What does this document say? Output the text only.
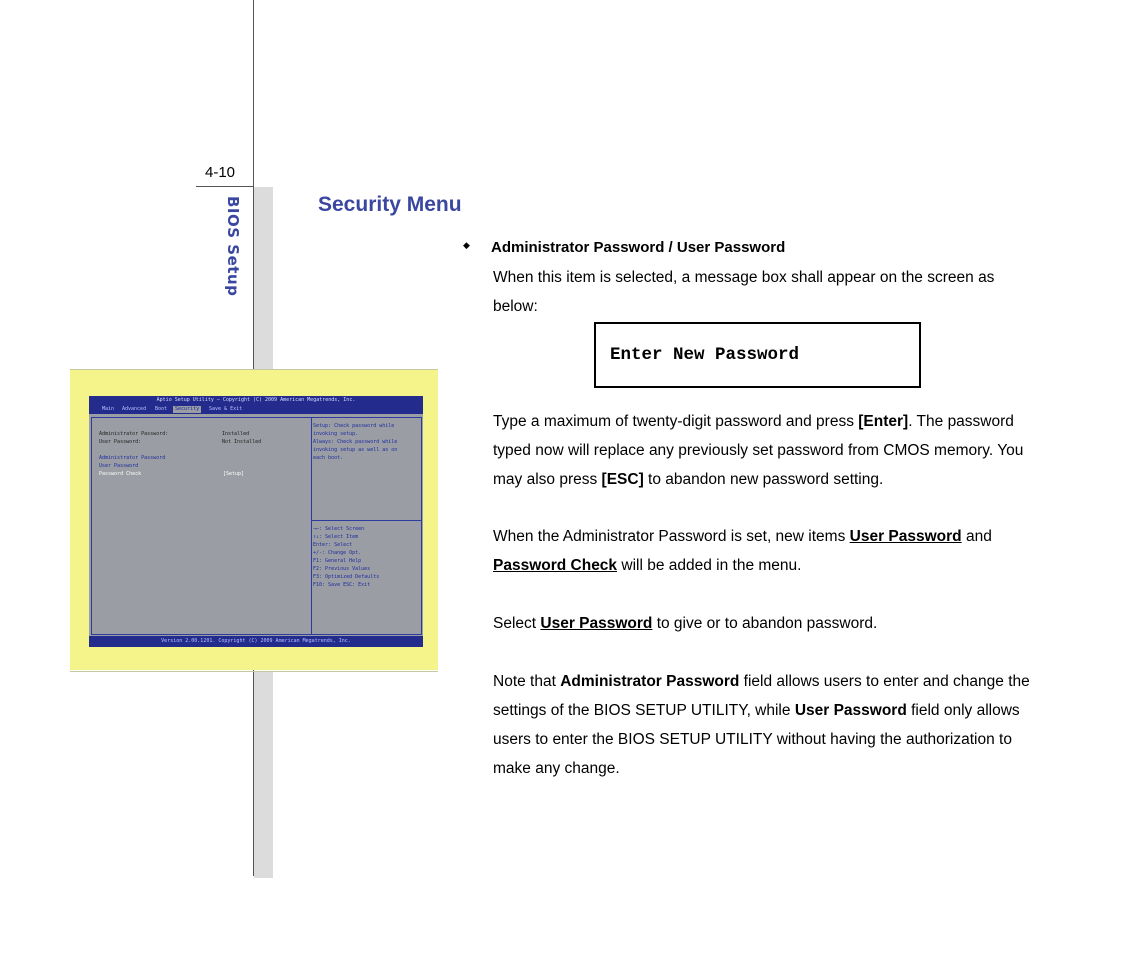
4-10
BIOS Setup	Security Menu
Aptio Setup Utility – Copyright (C) 2009 American Megatrends, Inc.
Main Advanced Boot	Security	Save & Exit
Administrator Password:	Installed
User Password:	Not Installed
Administrator Password
User Password
Password Check	[Setup]
Setup: Check password while
invoking setup.
Always: Check password while
invoking setup as well as on
each boot.
→←: Select Screen
↑↓: Select Item
Enter: Select
+/-: Change Opt.
F1: General Help
F2: Previous Values
F3: Optimized Defaults
F10: Save ESC: Exit
Version 2.00.1201. Copyright (C) 2009 American Megatrends, Inc.
◆ Administrator Password / User Password
When this item is selected, a message box shall appear on the screen as below:
Enter New Password
Type a maximum of twenty-digit password and press [Enter]. The password typed now will replace any previously set password from CMOS memory. You may also press [ESC] to abandon new password setting.
When the Administrator Password is set, new items User Password and Password Check will be added in the menu.
Select User Password to give or to abandon password.
Note that Administrator Password field allows users to enter and change the settings of the BIOS SETUP UTILITY, while User Password field only allows users to enter the BIOS SETUP UTILITY without having the authorization to make any change.
